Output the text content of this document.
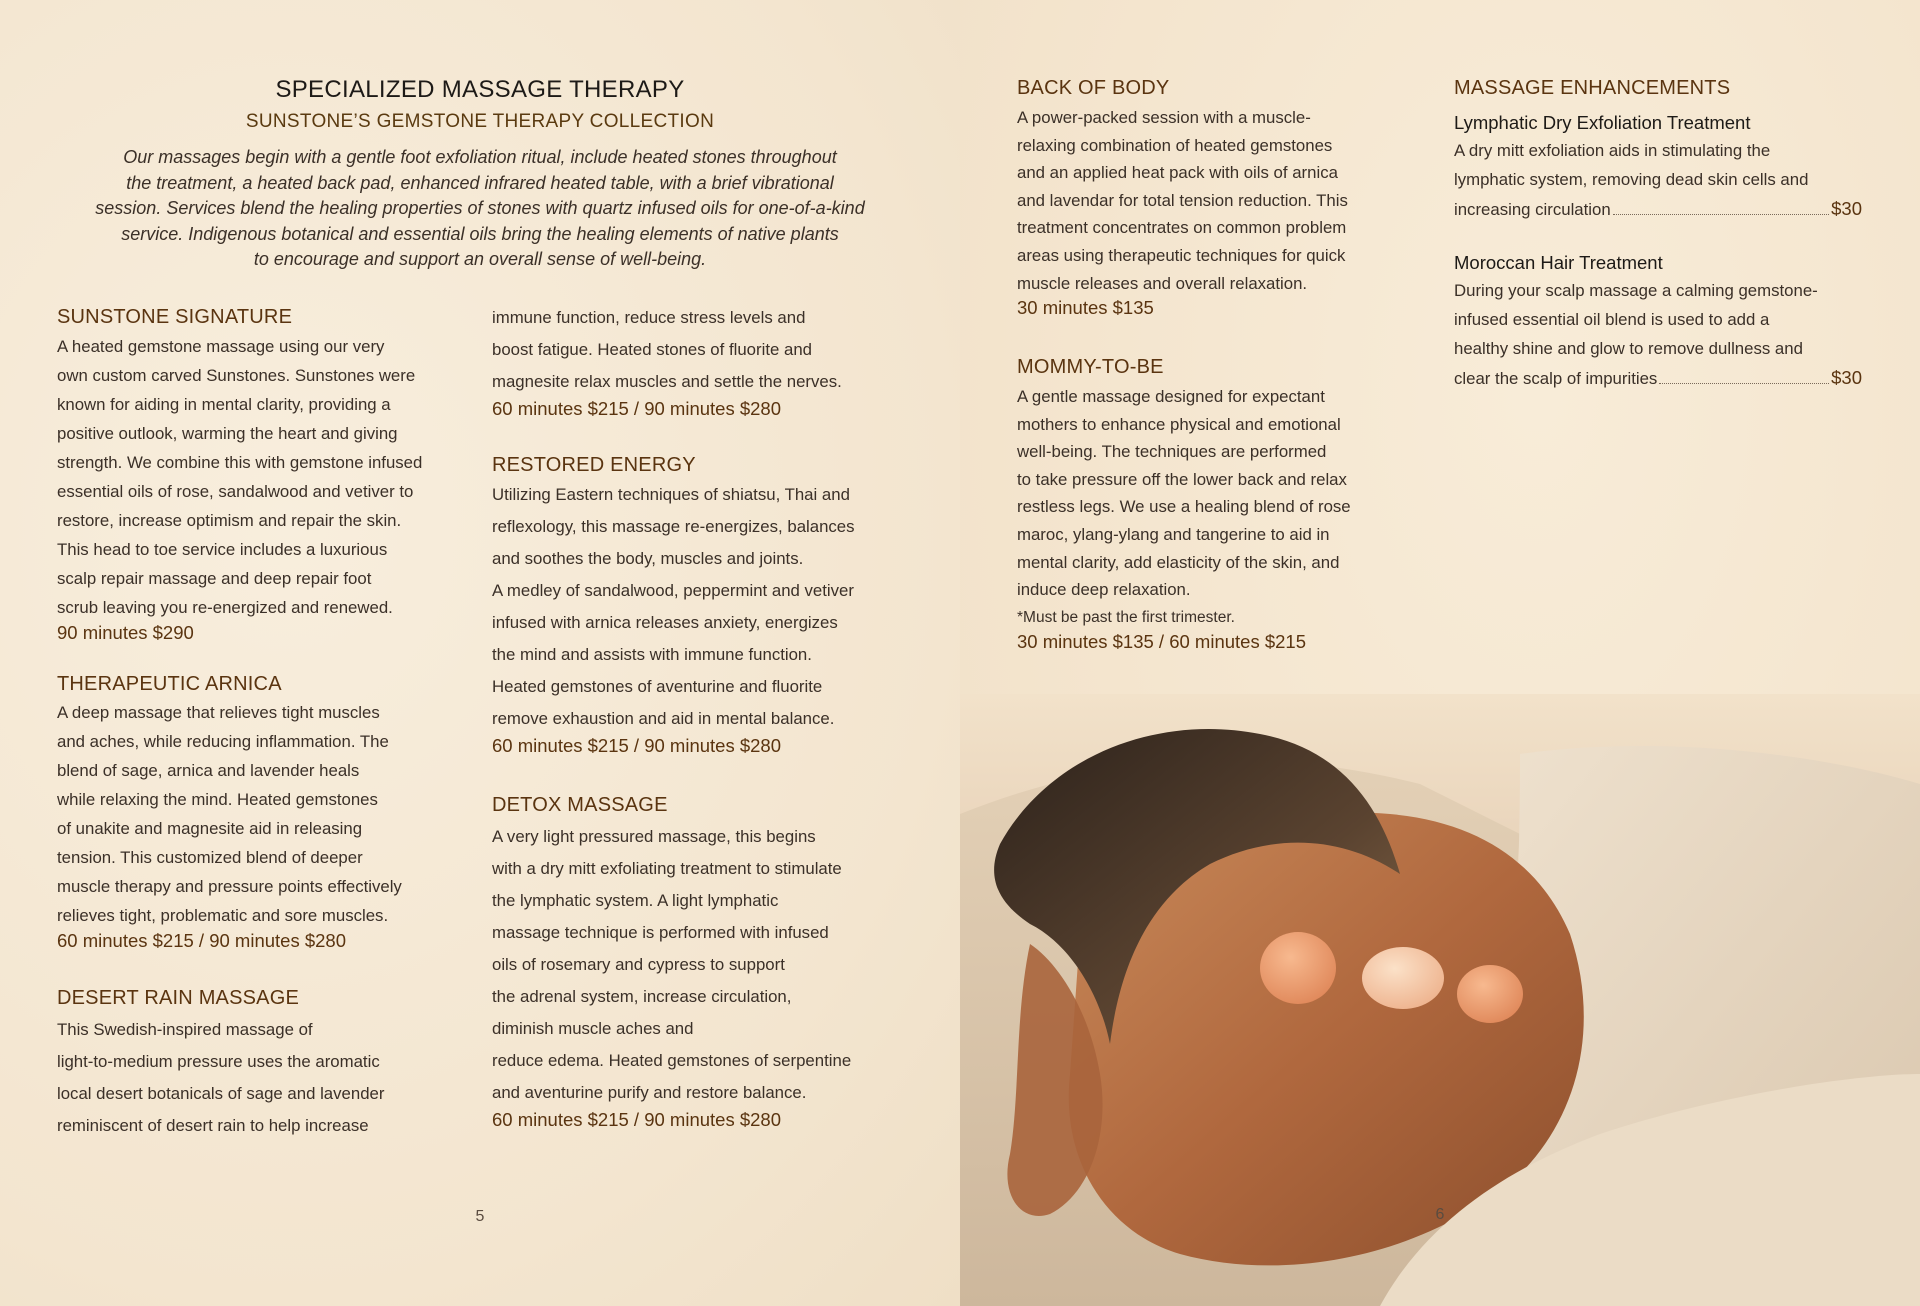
SPECIALIZED MASSAGE THERAPY
SUNSTONE’S GEMSTONE THERAPY COLLECTION
Our massages begin with a gentle foot exfoliation ritual, include heated stones throughout
the treatment, a heated back pad, enhanced infrared heated table, with a brief vibrational
session. Services blend the healing properties of stones with quartz infused oils for one-of-a-kind
service. Indigenous botanical and essential oils bring the healing elements of native plants
to encourage and support an overall sense of well-being.
SUNSTONE SIGNATURE
A heated gemstone massage using our very
own custom carved Sunstones. Sunstones were
known for aiding in mental clarity, providing a
positive outlook, warming the heart and giving
strength. We combine this with gemstone infused
essential oils of rose, sandalwood and vetiver to
restore, increase optimism and repair the skin.
This head to toe service includes a luxurious
scalp repair massage and deep repair foot
scrub leaving you re-energized and renewed.
90 minutes $290
THERAPEUTIC ARNICA
A deep massage that relieves tight muscles
and aches, while reducing inflammation. The
blend of sage, arnica and lavender heals
while relaxing the mind. Heated gemstones
of unakite and magnesite aid in releasing
tension. This customized blend of deeper
muscle therapy and pressure points effectively
relieves tight, problematic and sore muscles.
60 minutes $215 / 90 minutes $280
DESERT RAIN MASSAGE
This Swedish-inspired massage of
light-to-medium pressure uses the aromatic
local desert botanicals of sage and lavender
reminiscent of desert rain to help increase
immune function, reduce stress levels and
boost fatigue. Heated stones of fluorite and
magnesite relax muscles and settle the nerves.
60 minutes $215 / 90 minutes $280
RESTORED ENERGY
Utilizing Eastern techniques of shiatsu, Thai and
reflexology, this massage re-energizes, balances
and soothes the body, muscles and joints.
A medley of sandalwood, peppermint and vetiver
infused with arnica releases anxiety, energizes
the mind and assists with immune function.
Heated gemstones of aventurine and fluorite
remove exhaustion and aid in mental balance.
60 minutes $215 / 90 minutes $280
DETOX MASSAGE
A very light pressured massage, this begins
with a dry mitt exfoliating treatment to stimulate
the lymphatic system. A light lymphatic
massage technique is performed with infused
oils of rosemary and cypress to support
the adrenal system, increase circulation,
diminish muscle aches and
reduce edema. Heated gemstones of serpentine
and aventurine purify and restore balance.
60 minutes $215 / 90 minutes $280
5
BACK OF BODY
A power-packed session with a muscle-
relaxing combination of heated gemstones
and an applied heat pack with oils of arnica
and lavendar for total tension reduction. This
treatment concentrates on common problem
areas using therapeutic techniques for quick
muscle releases and overall relaxation.
30 minutes $135
MOMMY-TO-BE
A gentle massage designed for expectant
mothers to enhance physical and emotional
well-being. The techniques are performed
to take pressure off the lower back and relax
restless legs. We use a healing blend of rose
maroc, ylang-ylang and tangerine to aid in
mental clarity, add elasticity of the skin, and
induce deep relaxation.
*Must be past the first trimester.
30 minutes $135 / 60 minutes $215
MASSAGE ENHANCEMENTS
Lymphatic Dry Exfoliation Treatment
A dry mitt exfoliation aids in stimulating the
lymphatic system, removing dead skin cells and
increasing circulation	$30
Moroccan Hair Treatment
During your scalp massage a calming gemstone-
infused essential oil blend is used to add a
healthy shine and glow to remove dullness and
clear the scalp of impurities	$30
6
